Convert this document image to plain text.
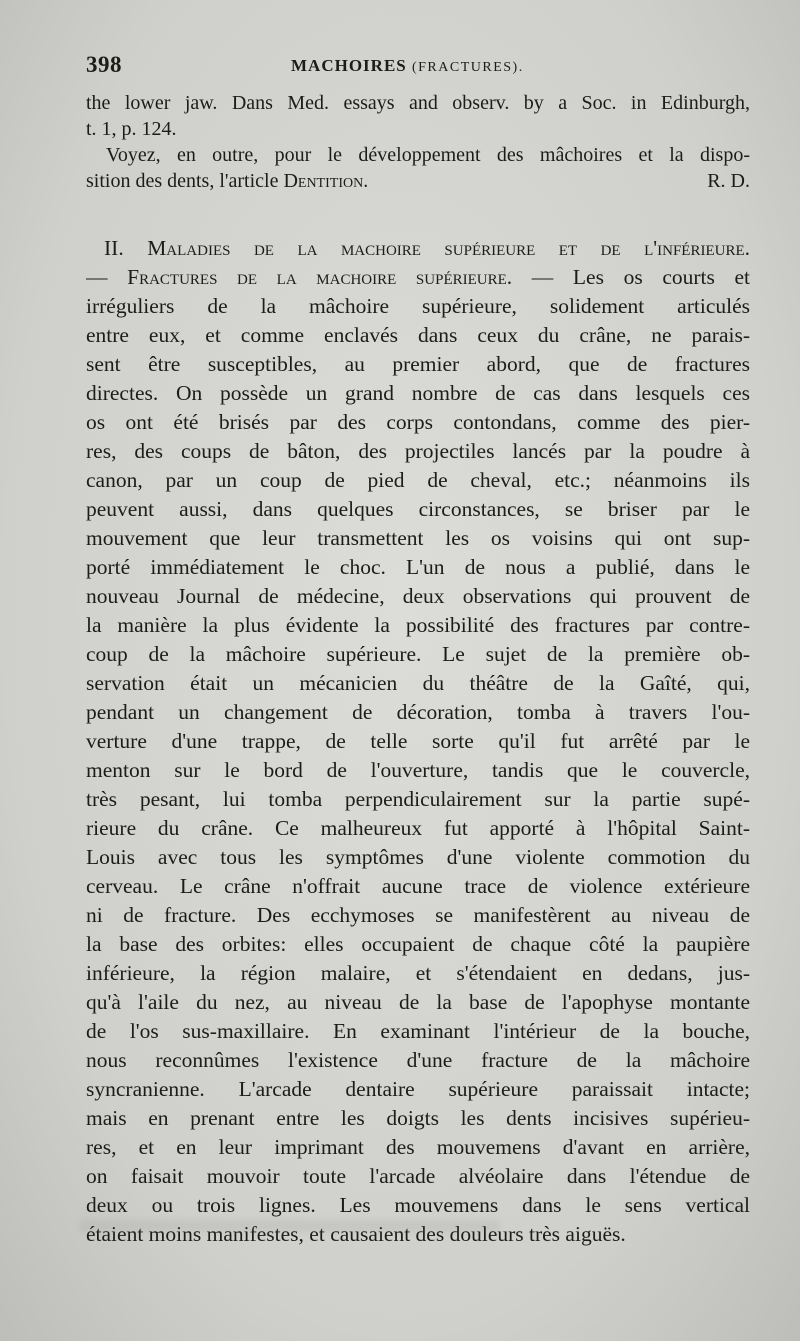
398	MACHOIRES (FRACTURES).
the lower jaw. Dans Med. essays and observ. by a Soc. in Edinburgh,
t. 1, p. 124.
Voyez, en outre, pour le développement des mâchoires et la dispo-
sition des dents, l'article Dentition.	R. D.
II. Maladies de la machoire supérieure et de l'inférieure.
— Fractures de la machoire supérieure. — Les os courts et
irréguliers de la mâchoire supérieure, solidement articulés
entre eux, et comme enclavés dans ceux du crâne, ne parais-
sent être susceptibles, au premier abord, que de fractures
directes. On possède un grand nombre de cas dans lesquels ces
os ont été brisés par des corps contondans, comme des pier-
res, des coups de bâton, des projectiles lancés par la poudre à
canon, par un coup de pied de cheval, etc.; néanmoins ils
peuvent aussi, dans quelques circonstances, se briser par le
mouvement que leur transmettent les os voisins qui ont sup-
porté immédiatement le choc. L'un de nous a publié, dans le
nouveau Journal de médecine, deux observations qui prouvent de
la manière la plus évidente la possibilité des fractures par contre-
coup de la mâchoire supérieure. Le sujet de la première ob-
servation était un mécanicien du théâtre de la Gaîté, qui,
pendant un changement de décoration, tomba à travers l'ou-
verture d'une trappe, de telle sorte qu'il fut arrêté par le
menton sur le bord de l'ouverture, tandis que le couvercle,
très pesant, lui tomba perpendiculairement sur la partie supé-
rieure du crâne. Ce malheureux fut apporté à l'hôpital Saint-
Louis avec tous les symptômes d'une violente commotion du
cerveau. Le crâne n'offrait aucune trace de violence extérieure
ni de fracture. Des ecchymoses se manifestèrent au niveau de
la base des orbites: elles occupaient de chaque côté la paupière
inférieure, la région malaire, et s'étendaient en dedans, jus-
qu'à l'aile du nez, au niveau de la base de l'apophyse montante
de l'os sus-maxillaire. En examinant l'intérieur de la bouche,
nous reconnûmes l'existence d'une fracture de la mâchoire
syncranienne. L'arcade dentaire supérieure paraissait intacte;
mais en prenant entre les doigts les dents incisives supérieu-
res, et en leur imprimant des mouvemens d'avant en arrière,
on faisait mouvoir toute l'arcade alvéolaire dans l'étendue de
deux ou trois lignes. Les mouvemens dans le sens vertical
étaient moins manifestes, et causaient des douleurs très aiguës.
